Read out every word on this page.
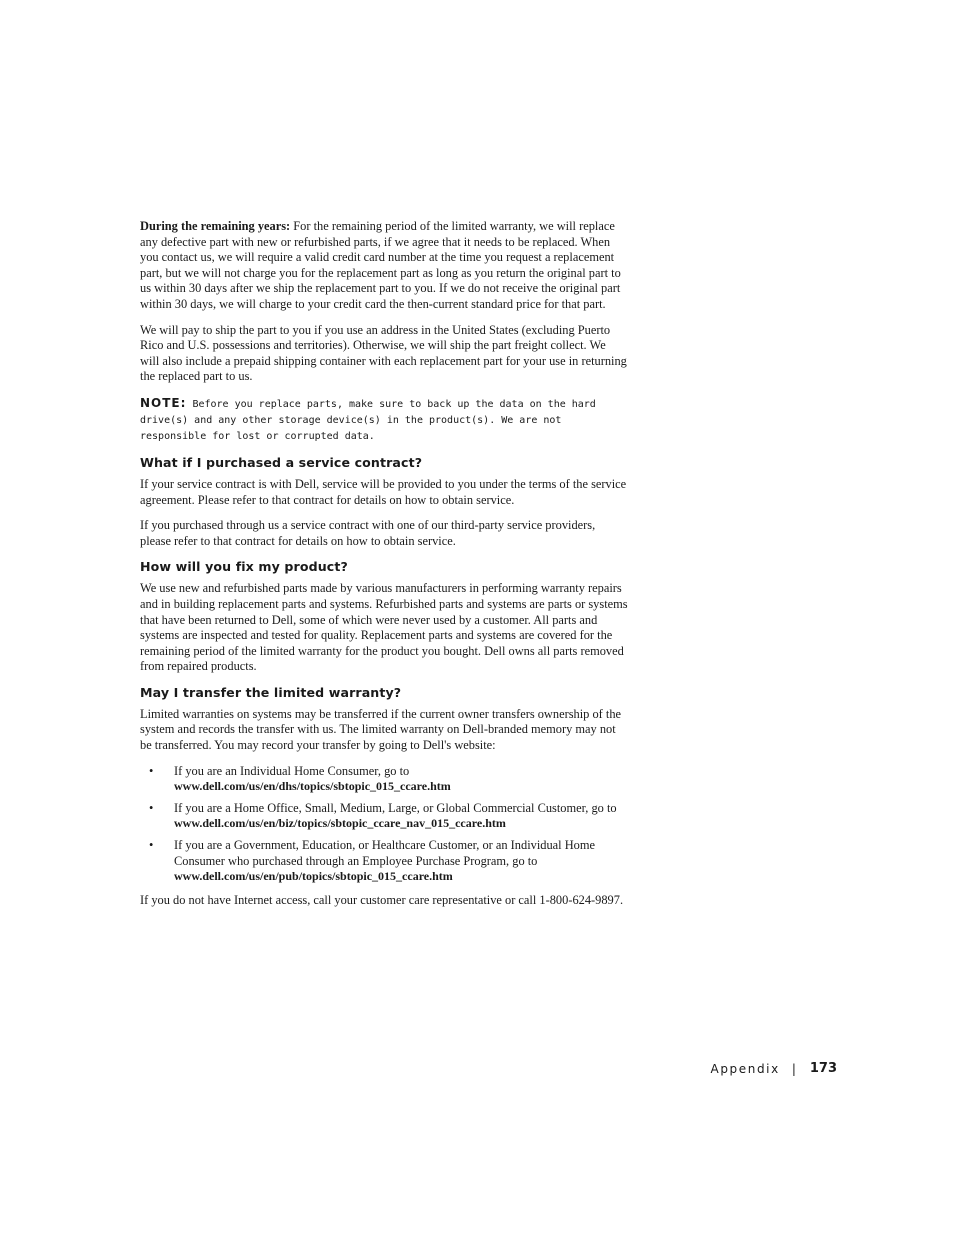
During the remaining years: For the remaining period of the limited warranty, we will replace any defective part with new or refurbished parts, if we agree that it needs to be replaced. When you contact us, we will require a valid credit card number at the time you request a replacement part, but we will not charge you for the replacement part as long as you return the original part to us within 30 days after we ship the replacement part to you. If we do not receive the original part within 30 days, we will charge to your credit card the then-current standard price for that part.

We will pay to ship the part to you if you use an address in the United States (excluding Puerto Rico and U.S. possessions and territories). Otherwise, we will ship the part freight collect. We will also include a prepaid shipping container with each replacement part for your use in returning the replaced part to us.

NOTE: Before you replace parts, make sure to back up the data on the hard drive(s) and any other storage device(s) in the product(s). We are not responsible for lost or corrupted data.

What if I purchased a service contract?

If your service contract is with Dell, service will be provided to you under the terms of the service agreement. Please refer to that contract for details on how to obtain service.

If you purchased through us a service contract with one of our third-party service providers, please refer to that contract for details on how to obtain service.

How will you fix my product?

We use new and refurbished parts made by various manufacturers in performing warranty repairs and in building replacement parts and systems. Refurbished parts and systems are parts or systems that have been returned to Dell, some of which were never used by a customer. All parts and systems are inspected and tested for quality. Replacement parts and systems are covered for the remaining period of the limited warranty for the product you bought. Dell owns all parts removed from repaired products.

May I transfer the limited warranty?

Limited warranties on systems may be transferred if the current owner transfers ownership of the system and records the transfer with us. The limited warranty on Dell-branded memory may not be transferred. You may record your transfer by going to Dell's website:

• If you are an Individual Home Consumer, go to
www.dell.com/us/en/dhs/topics/sbtopic_015_ccare.htm
• If you are a Home Office, Small, Medium, Large, or Global Commercial Customer, go to
www.dell.com/us/en/biz/topics/sbtopic_ccare_nav_015_ccare.htm
• If you are a Government, Education, or Healthcare Customer, or an Individual Home Consumer who purchased through an Employee Purchase Program, go to
www.dell.com/us/en/pub/topics/sbtopic_015_ccare.htm

If you do not have Internet access, call your customer care representative or call 1-800-624-9897.

Appendix | 173
